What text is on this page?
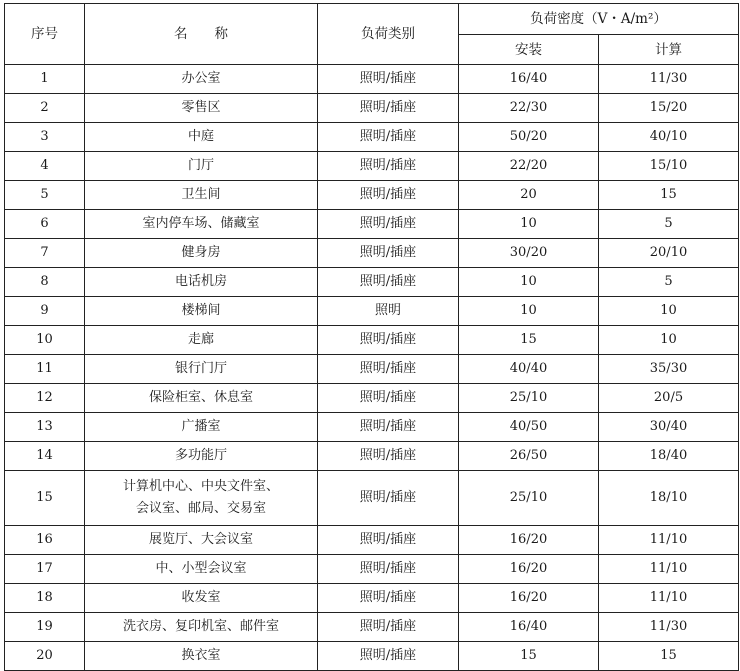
序号	名　　称	负荷类别	负荷密度（V・A/m²）	
			安装	计算
1	办公室	照明/插座	16/40	11/30
2	零售区	照明/插座	22/30	15/20
3	中庭	照明/插座	50/20	40/10
4	门厅	照明/插座	22/20	15/10
5	卫生间	照明/插座	20	15
6	室内停车场、储藏室	照明/插座	10	5
7	健身房	照明/插座	30/20	20/10
8	电话机房	照明/插座	10	5
9	楼梯间	照明	10	10
10	走廊	照明/插座	15	10
11	银行门厅	照明/插座	40/40	35/30
12	保险柜室、休息室	照明/插座	25/10	20/5
13	广播室	照明/插座	40/50	30/40
14	多功能厅	照明/插座	26/50	18/40
15	计算机中心、中央文件室、
会议室、邮局、交易室	照明/插座	25/10	18/10
16	展览厅、大会议室	照明/插座	16/20	11/10
17	中、小型会议室	照明/插座	16/20	11/10
18	收发室	照明/插座	16/20	11/10
19	洗衣房、复印机室、邮件室	照明/插座	16/40	11/30
20	换衣室	照明/插座	15	15
